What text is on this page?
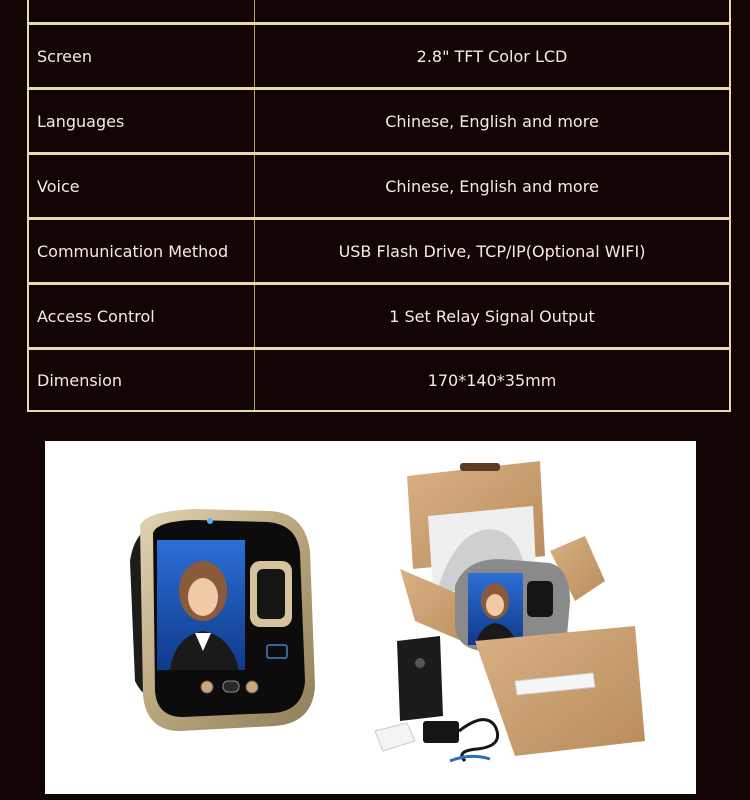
Screen	2.8" TFT Color LCD
Languages	Chinese, English and more
Voice	Chinese, English and more
Communication Method	USB Flash Drive, TCP/IP(Optional WIFI)
Access Control	1 Set Relay Signal Output
Dimension	170*140*35mm
